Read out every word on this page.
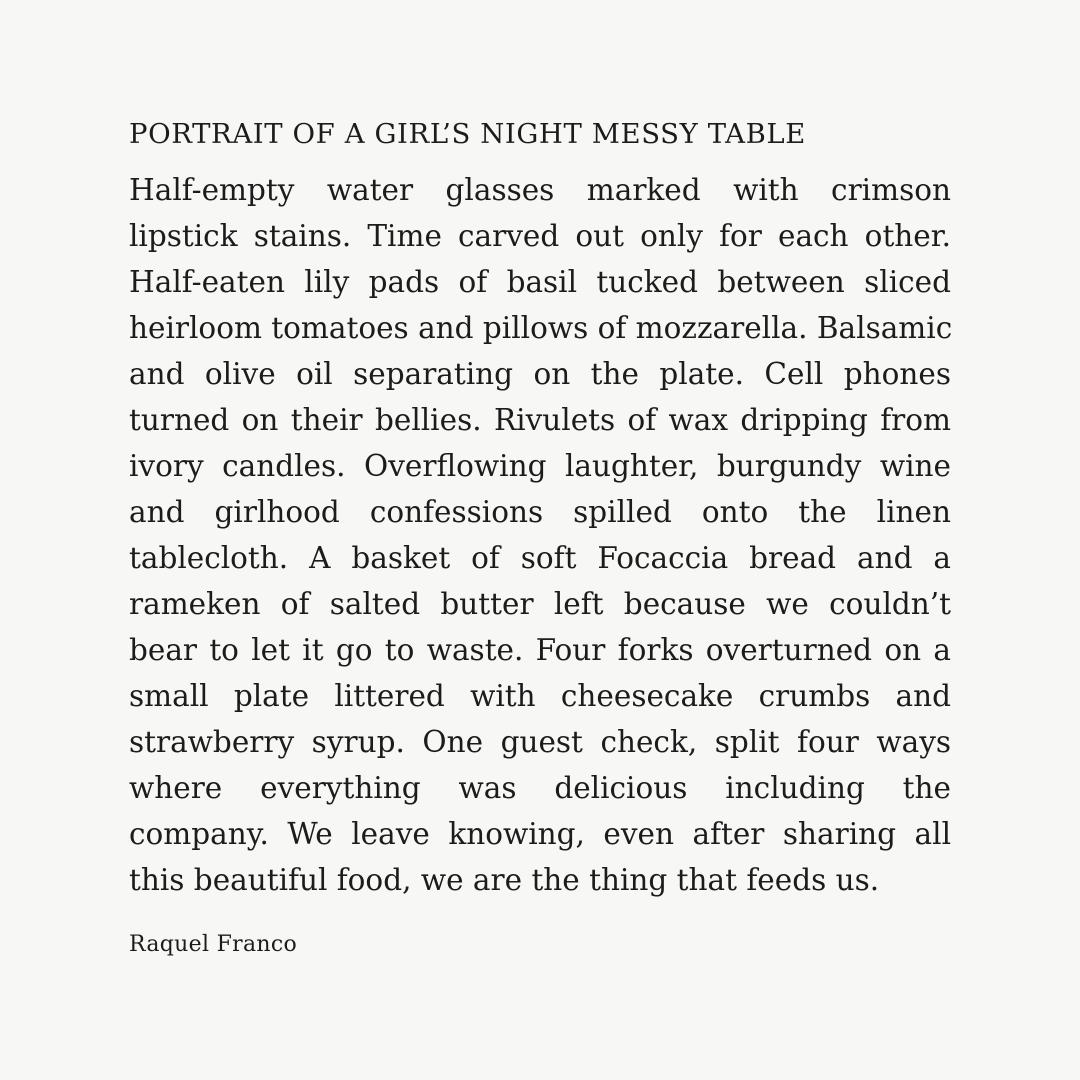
PORTRAIT OF A GIRL’S NIGHT MESSY TABLE
Half-empty water glasses marked with crimson
lipstick stains. Time carved out only for each other.
Half-eaten lily pads of basil tucked between sliced
heirloom tomatoes and pillows of mozzarella. Balsamic
and olive oil separating on the plate. Cell phones
turned on their bellies. Rivulets of wax dripping from
ivory candles. Overflowing laughter, burgundy wine
and girlhood confessions spilled onto the linen
tablecloth. A basket of soft Focaccia bread and a
rameken of salted butter left because we couldn’t
bear to let it go to waste. Four forks overturned on a
small plate littered with cheesecake crumbs and
strawberry syrup. One guest check, split four ways
where everything was delicious including the
company. We leave knowing, even after sharing all
this beautiful food, we are the thing that feeds us.

Raquel Franco
